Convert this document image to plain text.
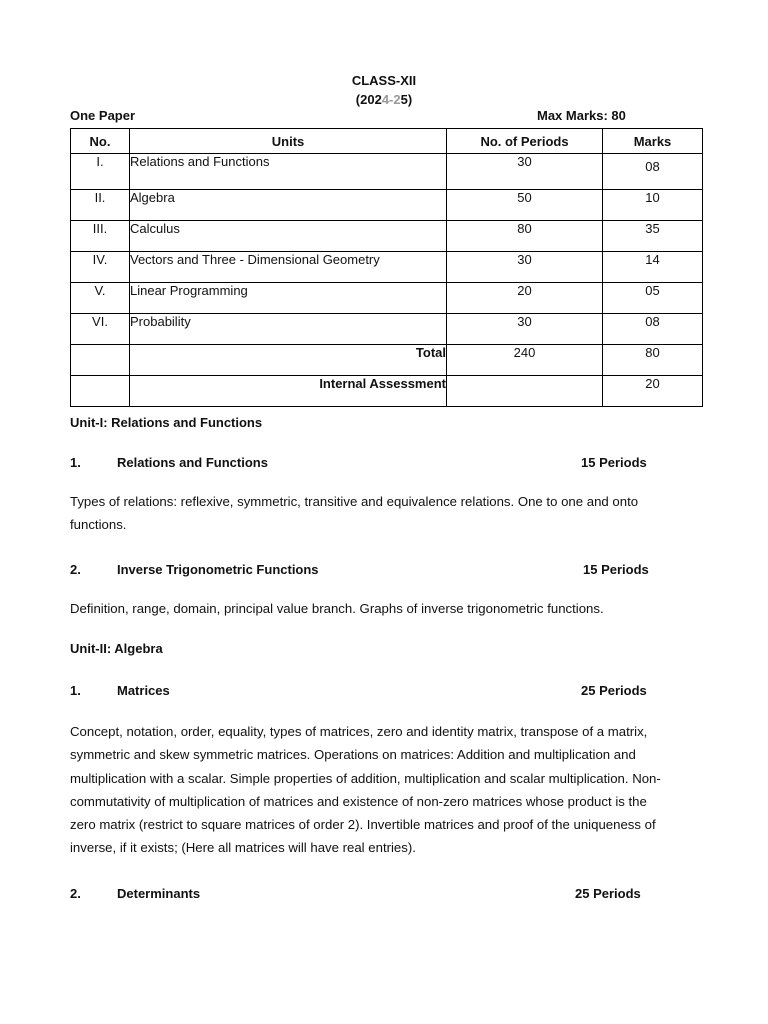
CLASS-XII
(2024-25)
One Paper	Max Marks: 80
No.	Units	No. of Periods	Marks
I.	Relations and Functions	30	08
II.	Algebra	50	10
III.	Calculus	80	35
IV.	Vectors and Three - Dimensional Geometry	30	14
V.	Linear Programming	20	05
VI.	Probability	30	08
	Total	240	80
	Internal Assessment		20
Unit-I: Relations and Functions
1.	Relations and Functions	15 Periods
Types of relations: reflexive, symmetric, transitive and equivalence relations. One to one and onto
functions.
2.	Inverse Trigonometric Functions	15 Periods
Definition, range, domain, principal value branch. Graphs of inverse trigonometric functions.
Unit-II: Algebra
1.	Matrices	25 Periods
Concept, notation, order, equality, types of matrices, zero and identity matrix, transpose of a matrix,
symmetric and skew symmetric matrices. Operations on matrices: Addition and multiplication and
multiplication with a scalar. Simple properties of addition, multiplication and scalar multiplication. Non-
commutativity of multiplication of matrices and existence of non-zero matrices whose product is the
zero matrix (restrict to square matrices of order 2). Invertible matrices and proof of the uniqueness of
inverse, if it exists; (Here all matrices will have real entries).
2.	Determinants	25 Periods
